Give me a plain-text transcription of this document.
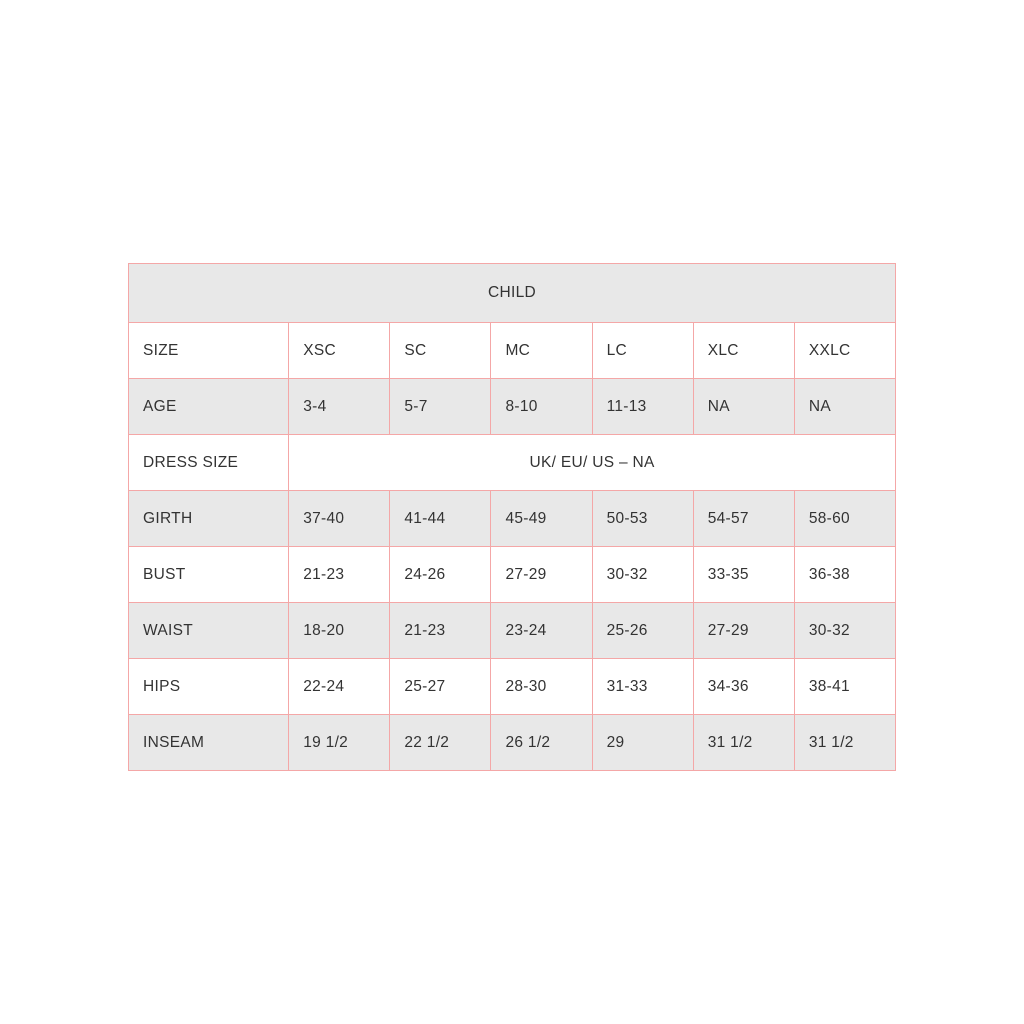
CHILD						
SIZE	XSC	SC	MC	LC	XLC	XXLC
AGE	3-4	5-7	8-10	11-13	NA	NA
DRESS SIZE	UK/ EU/ US – NA					
GIRTH	37-40	41-44	45-49	50-53	54-57	58-60
BUST	21-23	24-26	27-29	30-32	33-35	36-38
WAIST	18-20	21-23	23-24	25-26	27-29	30-32
HIPS	22-24	25-27	28-30	31-33	34-36	38-41
INSEAM	19 1/2	22 1/2	26 1/2	29	31 1/2	31 1/2
